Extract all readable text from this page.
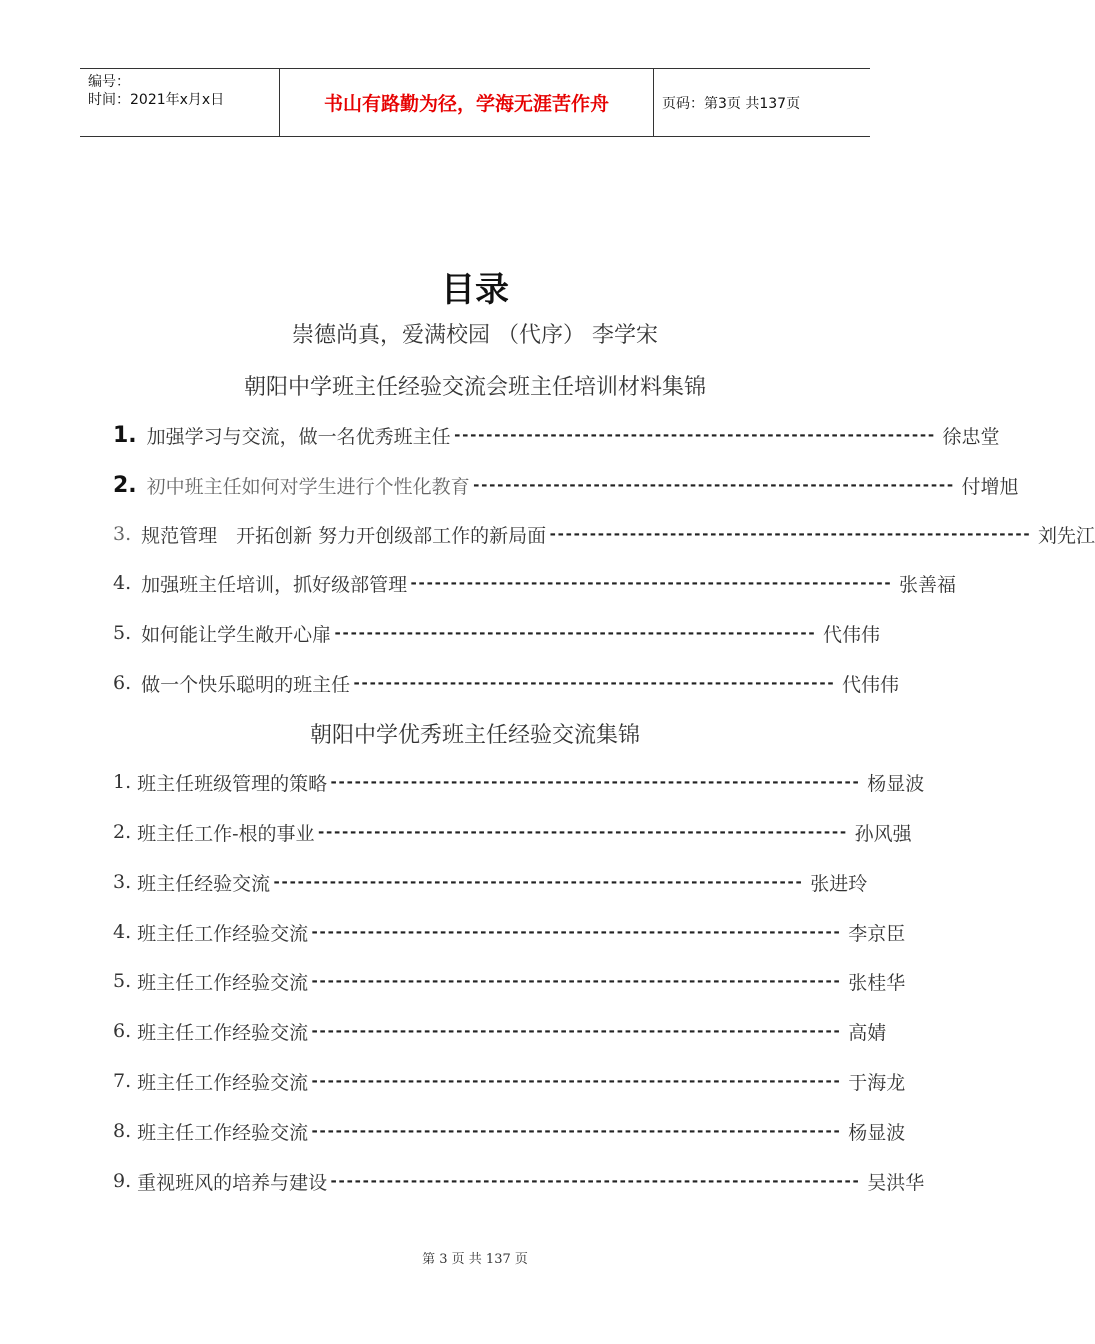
编号：
时间：2021年x月x日	书山有路勤为径，学海无涯苦作舟	页码：第3页 共137页
目录
崇德尚真，爱满校园 （代序） 李学宋
朝阳中学班主任经验交流会班主任培训材料集锦
1. 加强学习与交流，做一名优秀班主任 ------------------------------------------------------------ 徐忠堂
2. 初中班主任如何对学生进行个性化教育 ------------------------------------------------------------ 付增旭
3. 规范管理　开拓创新 努力开创级部工作的新局面 ------------------------------------------------------------ 刘先江
4. 加强班主任培训，抓好级部管理 ------------------------------------------------------------ 张善福
5. 如何能让学生敞开心扉 ------------------------------------------------------------ 代伟伟
6. 做一个快乐聪明的班主任 ------------------------------------------------------------ 代伟伟
朝阳中学优秀班主任经验交流集锦
1. 班主任班级管理的策略 ------------------------------------------------------------------ 杨显波
2. 班主任工作-根的事业 ------------------------------------------------------------------ 孙风强
3. 班主任经验交流 ------------------------------------------------------------------ 张进玲
4. 班主任工作经验交流 ------------------------------------------------------------------ 李京臣
5. 班主任工作经验交流 ------------------------------------------------------------------ 张桂华
6. 班主任工作经验交流 ------------------------------------------------------------------ 高婧
7. 班主任工作经验交流 ------------------------------------------------------------------ 于海龙
8. 班主任工作经验交流 ------------------------------------------------------------------ 杨显波
9. 重视班风的培养与建设 ------------------------------------------------------------------ 吴洪华
第 3 页 共 137 页
